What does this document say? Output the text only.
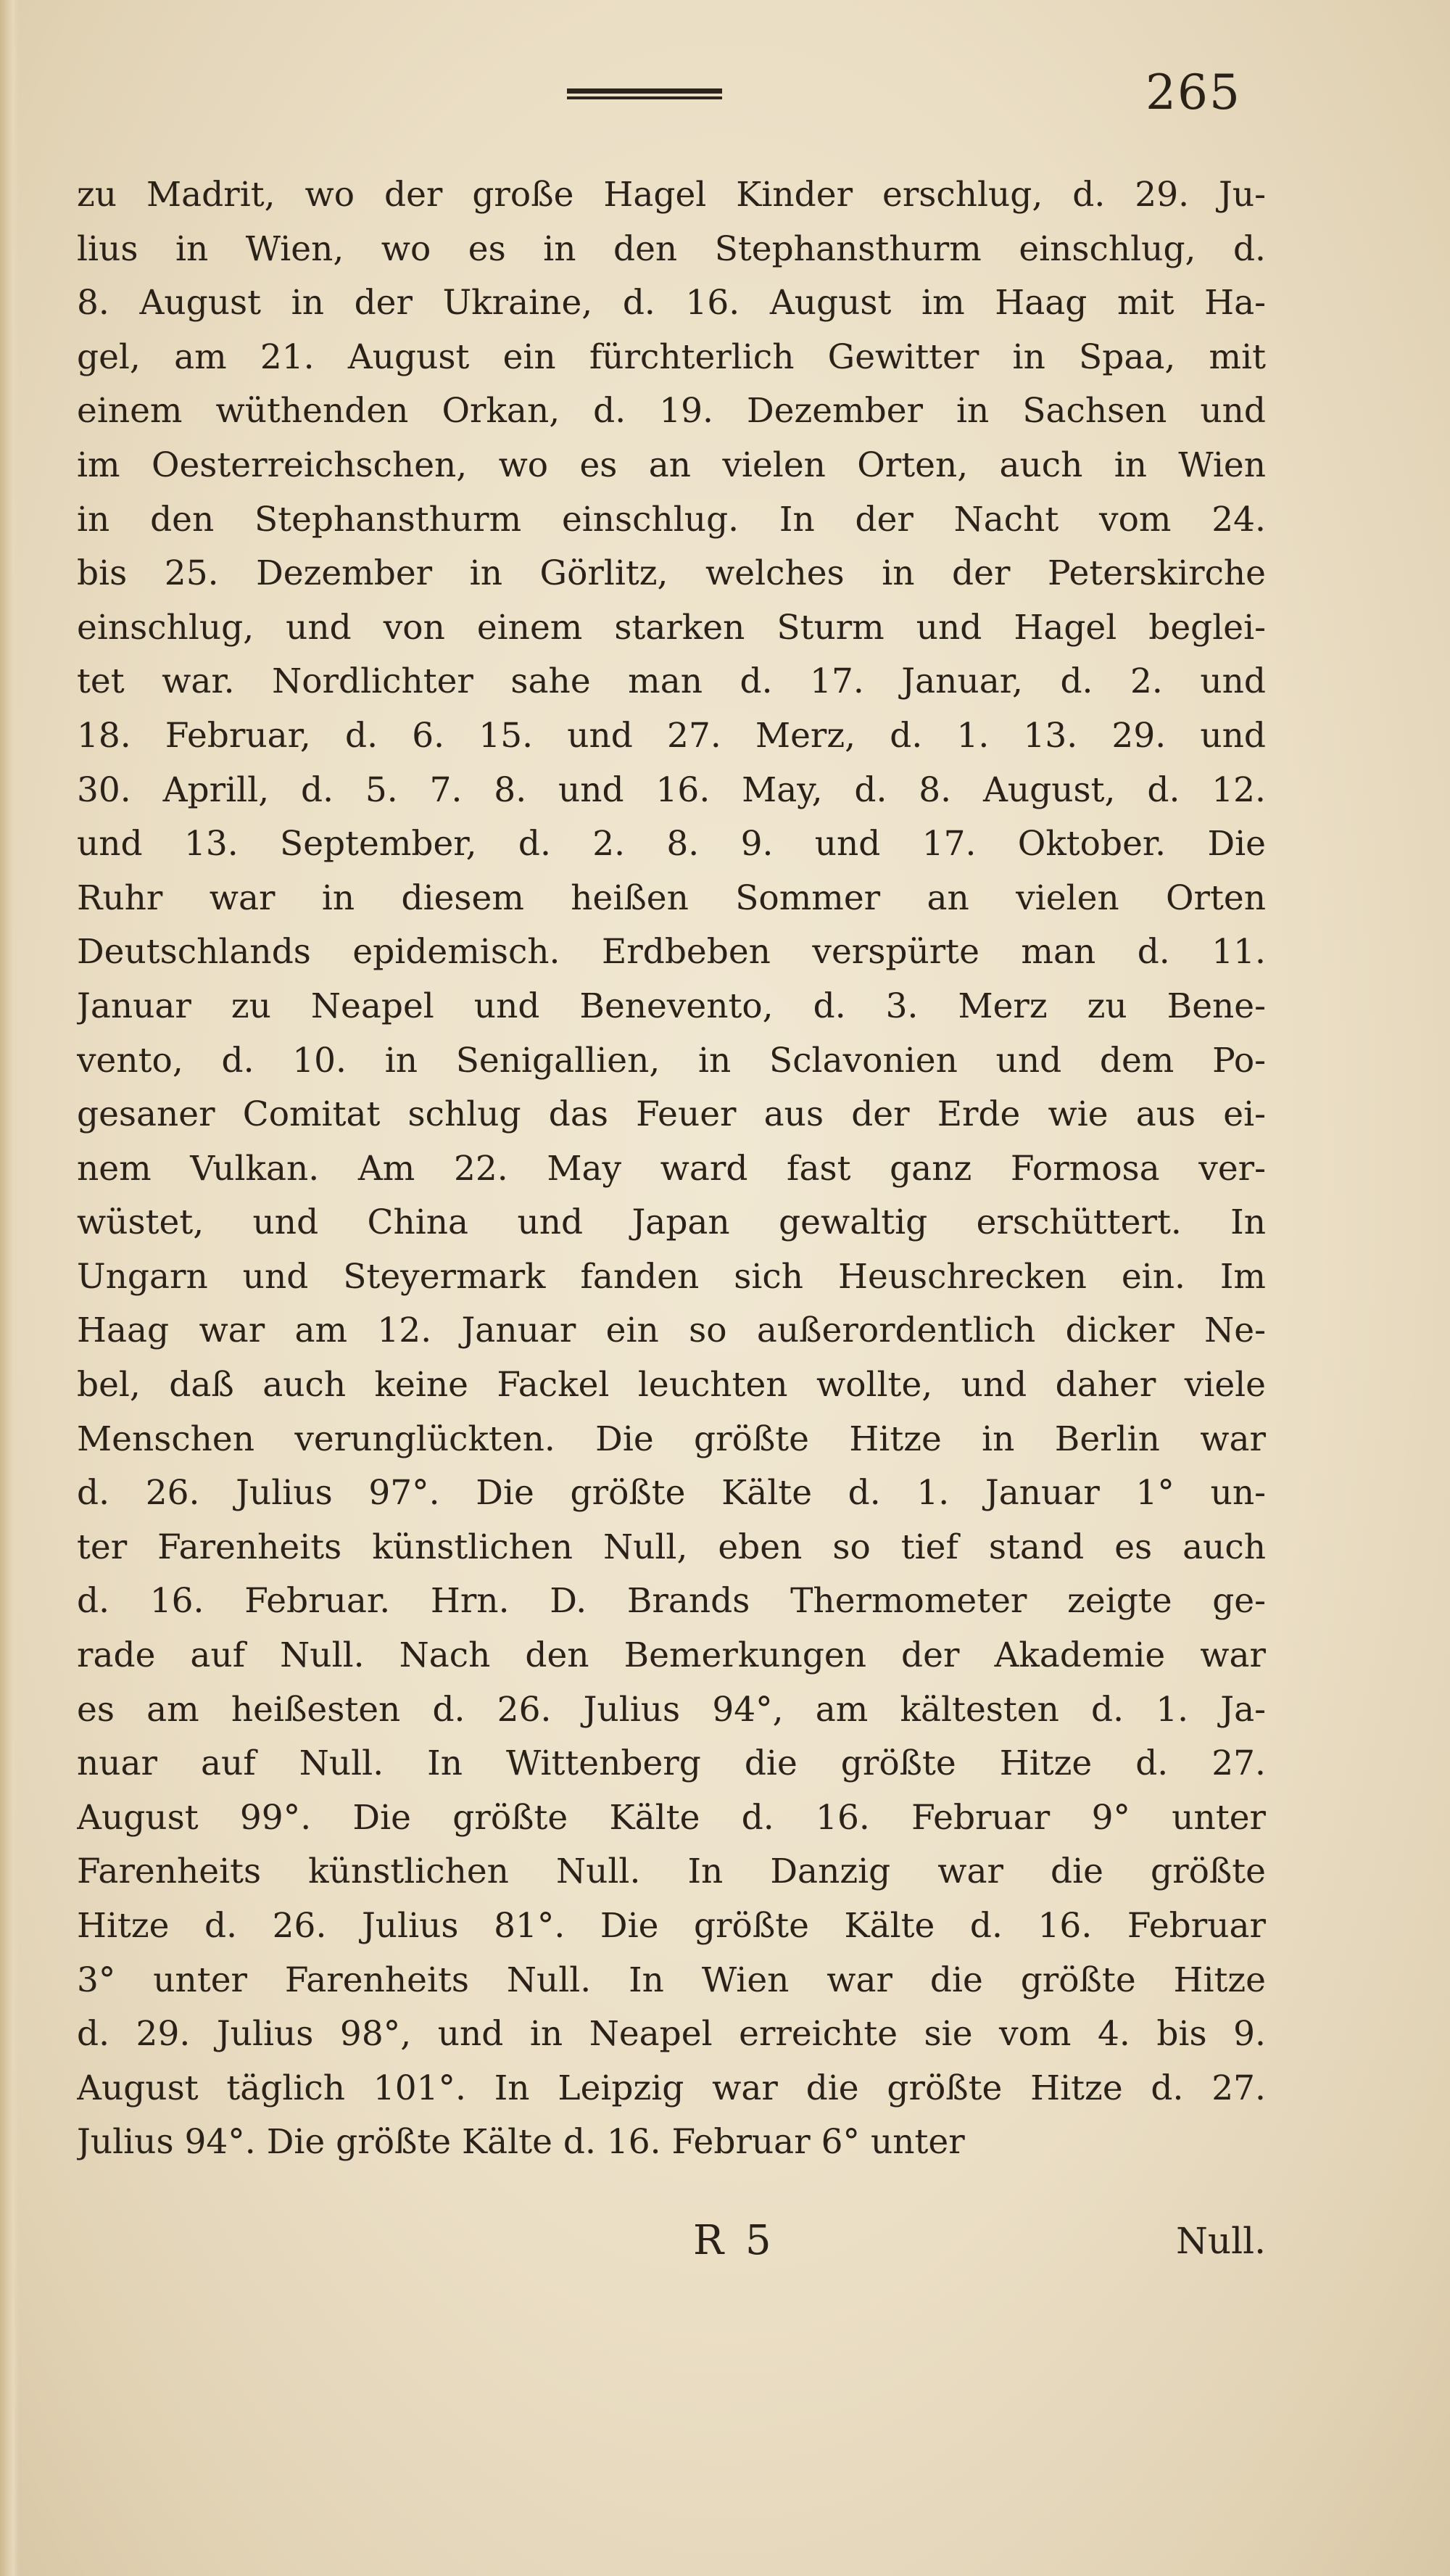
265

zu Madrit, wo der große Hagel Kinder erschlug, d. 29. Ju-
lius in Wien, wo es in den Stephansthurm einschlug, d.
8. August in der Ukraine, d. 16. August im Haag mit Ha-
gel, am 21. August ein fürchterlich Gewitter in Spaa, mit
einem wüthenden Orkan, d. 19. Dezember in Sachsen und
im Oesterreichschen, wo es an vielen Orten, auch in Wien
in den Stephansthurm einschlug. In der Nacht vom 24.
bis 25. Dezember in Görlitz, welches in der Peterskirche
einschlug, und von einem starken Sturm und Hagel beglei-
tet war. Nordlichter sahe man d. 17. Januar, d. 2. und
18. Februar, d. 6. 15. und 27. Merz, d. 1. 13. 29. und
30. Aprill, d. 5. 7. 8. und 16. May, d. 8. August, d. 12.
und 13. September, d. 2. 8. 9. und 17. Oktober. Die
Ruhr war in diesem heißen Sommer an vielen Orten
Deutschlands epidemisch. Erdbeben verspürte man d. 11.
Januar zu Neapel und Benevento, d. 3. Merz zu Bene-
vento, d. 10. in Senigallien, in Sclavonien und dem Po-
gesaner Comitat schlug das Feuer aus der Erde wie aus ei-
nem Vulkan. Am 22. May ward fast ganz Formosa ver-
wüstet, und China und Japan gewaltig erschüttert. In
Ungarn und Steyermark fanden sich Heuschrecken ein. Im
Haag war am 12. Januar ein so außerordentlich dicker Ne-
bel, daß auch keine Fackel leuchten wollte, und daher viele
Menschen verunglückten. Die größte Hitze in Berlin war
d. 26. Julius 97°. Die größte Kälte d. 1. Januar 1° un-
ter Farenheits künstlichen Null, eben so tief stand es auch
d. 16. Februar. Hrn. D. Brands Thermometer zeigte ge-
rade auf Null. Nach den Bemerkungen der Akademie war
es am heißesten d. 26. Julius 94°, am kältesten d. 1. Ja-
nuar auf Null. In Wittenberg die größte Hitze d. 27.
August 99°. Die größte Kälte d. 16. Februar 9° unter
Farenheits künstlichen Null. In Danzig war die größte
Hitze d. 26. Julius 81°. Die größte Kälte d. 16. Februar
3° unter Farenheits Null. In Wien war die größte Hitze
d. 29. Julius 98°, und in Neapel erreichte sie vom 4. bis 9.
August täglich 101°. In Leipzig war die größte Hitze d. 27.
Julius 94°. Die größte Kälte d. 16. Februar 6° unter
R 5	Null.
